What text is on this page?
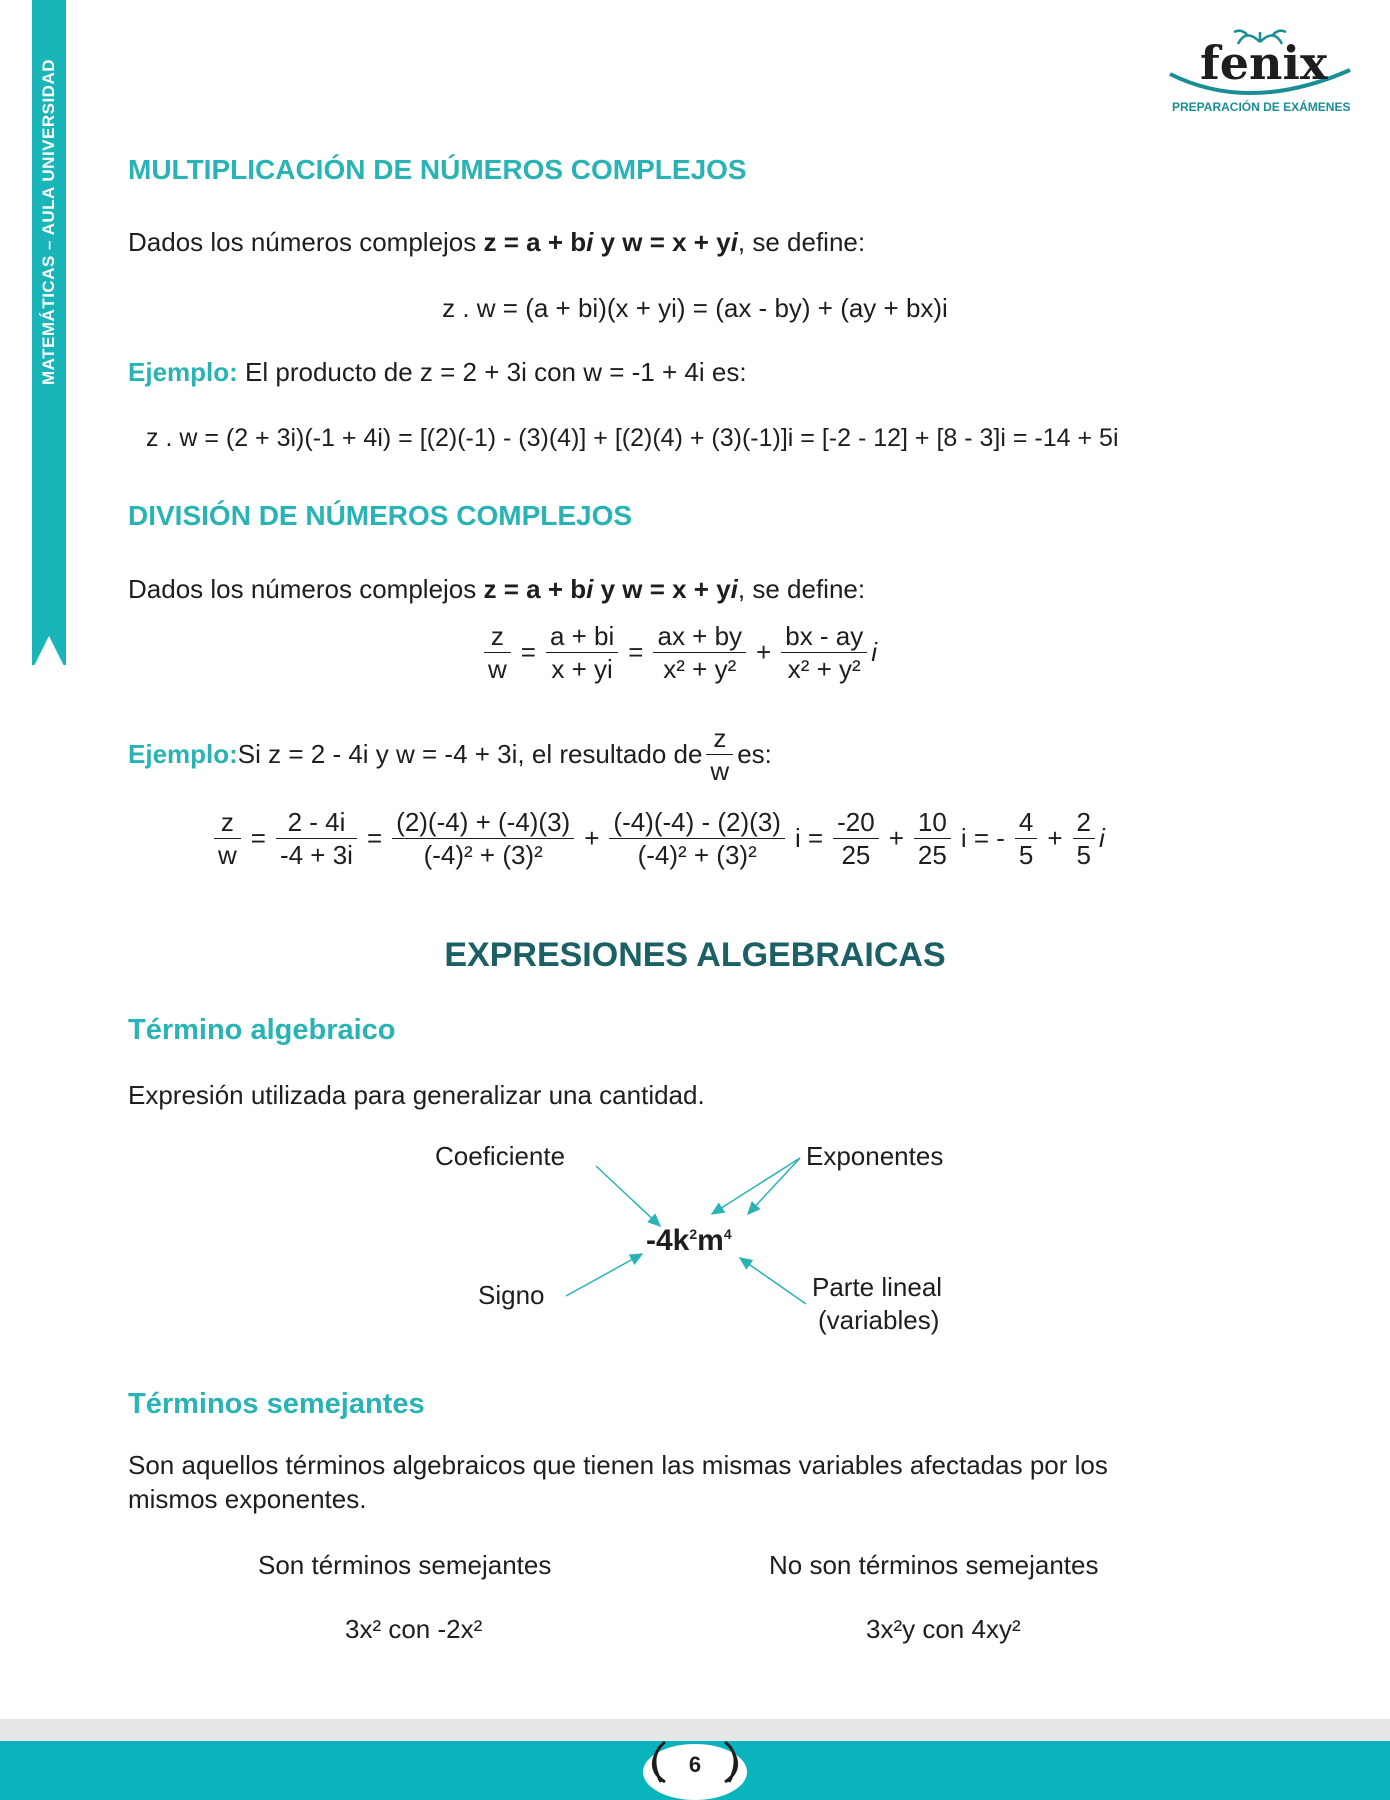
MATEMÁTICAS – AULA UNIVERSIDAD	fenix
PREPARACIÓN DE EXÁMENES
MULTIPLICACIÓN DE NÚMEROS COMPLEJOS
Dados los números complejos z = a + bi y w = x + yi, se define:
z . w = (a + bi)(x + yi) = (ax - by) + (ay + bx)i
Ejemplo: El producto de z = 2 + 3i con w = -1 + 4i es:
z . w = (2 + 3i)(-1 + 4i) = [(2)(-1) - (3)(4)] + [(2)(4) + (3)(-1)]i = [-2 - 12] + [8 - 3]i = -14 + 5i
DIVISIÓN DE NÚMEROS COMPLEJOS
Dados los números complejos z = a + bi y w = x + yi, se define:
$\frac{z}{w} = \frac{a + bi}{x + yi} = \frac{ax + by}{\text{x² + y²}} + \frac{bx - ay}{\text{x² + y²}}$ i
Ejemplo: Si z = 2 - 4i y w = -4 + 3i, el resultado de $\frac{z}{w}$ es:
$\frac{z}{w} = \frac{2 - 4i}{-4 + 3i} = \frac{(2)(-4) + (-4)(3)}{\text{(-4)² + (3)²}} + \frac{(-4)(-4) - (2)(3)}{\text{(-4)² + (3)²}}$ $i = \frac{-20}{25} + \frac{10}{25}$ i = - $\frac{4}{5} + \frac{2}{5}$ i
EXPRESIONES ALGEBRAICAS
Término algebraico
Expresión utilizada para generalizar una cantidad.
Coeficiente	Exponentes
$-4k^2m^4$
Signo	Parte lineal
(variables)
Términos semejantes
Son aquellos términos algebraicos que tienen las mismas variables afectadas por los
mismos exponentes.
Son términos semejantes	No son términos semejantes
3x² con -2x²	3x²y con 4xy²
6
